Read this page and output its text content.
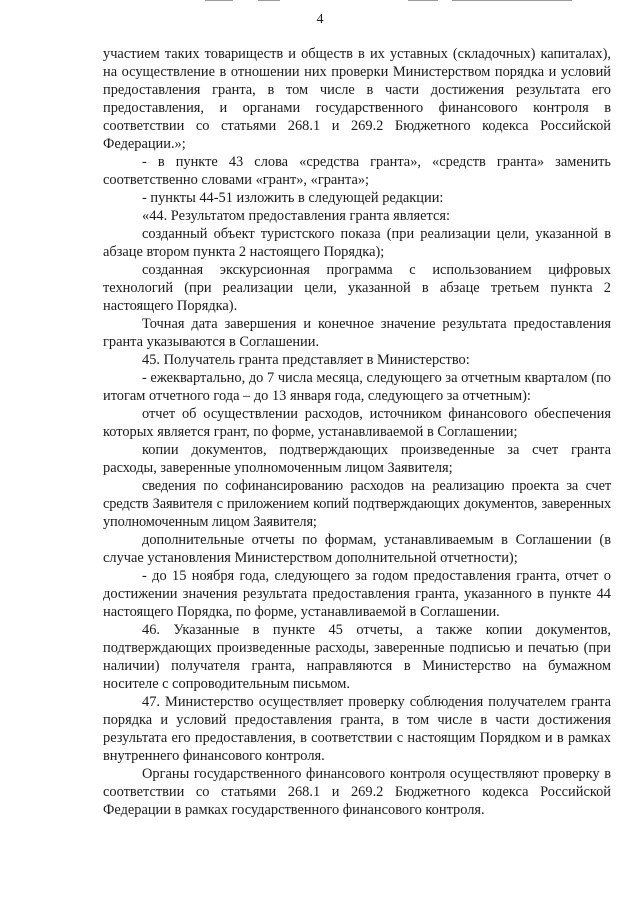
4

участием таких товариществ и обществ в их уставных (складочных) капиталах), на осуществление в отношении них проверки Министерством порядка и условий предоставления гранта, в том числе в части достижения результата его предоставления, и органами государственного финансового контроля в соответствии со статьями 268.1 и 269.2 Бюджетного кодекса Российской Федерации.»;

- в пункте 43 слова «средства гранта», «средств гранта» заменить соответственно словами «грант», «гранта»;

- пункты 44-51 изложить в следующей редакции:

«44. Результатом предоставления гранта является:

созданный объект туристского показа (при реализации цели, указанной в абзаце втором пункта 2 настоящего Порядка);

созданная экскурсионная программа с использованием цифровых технологий (при реализации цели, указанной в абзаце третьем пункта 2 настоящего Порядка).

Точная дата завершения и конечное значение результата предоставления гранта указываются в Соглашении.

45. Получатель гранта представляет в Министерство:

- ежеквартально, до 7 числа месяца, следующего за отчетным кварталом (по итогам отчетного года – до 13 января года, следующего за отчетным):

отчет об осуществлении расходов, источником финансового обеспечения которых является грант, по форме, устанавливаемой в Соглашении;

копии документов, подтверждающих произведенные за счет гранта расходы, заверенные уполномоченным лицом Заявителя;

сведения по софинансированию расходов на реализацию проекта за счет средств Заявителя с приложением копий подтверждающих документов, заверенных уполномоченным лицом Заявителя;

дополнительные отчеты по формам, устанавливаемым в Соглашении (в случае установления Министерством дополнительной отчетности);

- до 15 ноября года, следующего за годом предоставления гранта, отчет о достижении значения результата предоставления гранта, указанного в пункте 44 настоящего Порядка, по форме, устанавливаемой в Соглашении.

46. Указанные в пункте 45 отчеты, а также копии документов, подтверждающих произведенные расходы, заверенные подписью и печатью (при наличии) получателя гранта, направляются в Министерство на бумажном носителе с сопроводительным письмом.

47. Министерство осуществляет проверку соблюдения получателем гранта порядка и условий предоставления гранта, в том числе в части достижения результата его предоставления, в соответствии с настоящим Порядком и в рамках внутреннего финансового контроля.

Органы государственного финансового контроля осуществляют проверку в соответствии со статьями 268.1 и 269.2 Бюджетного кодекса Российской Федерации в рамках государственного финансового контроля.
